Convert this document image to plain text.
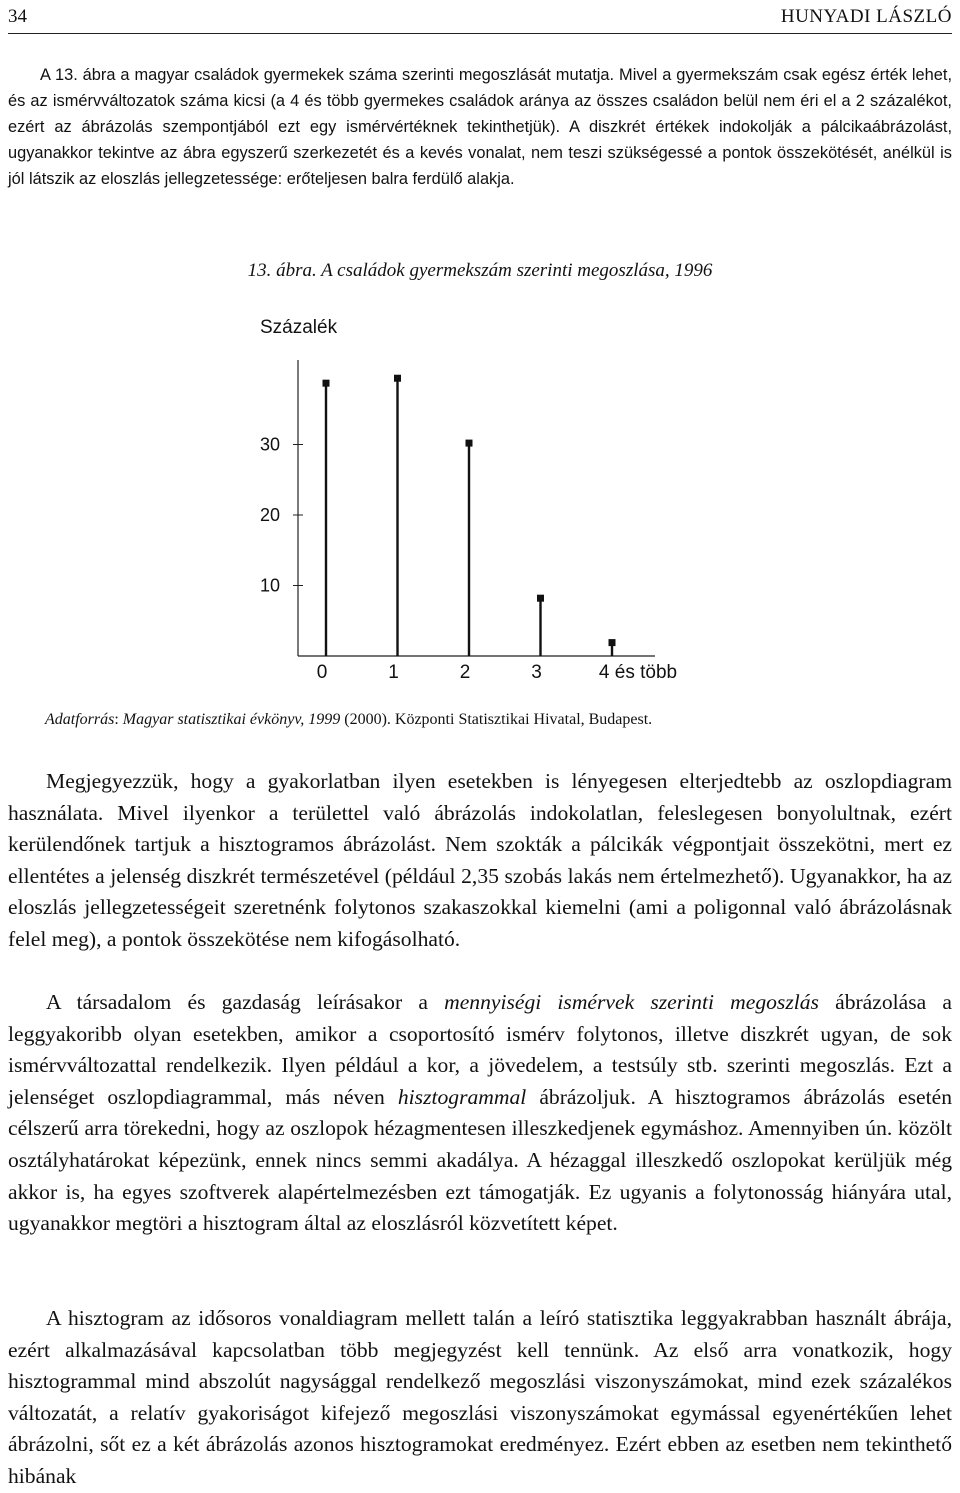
34	HUNYADI LÁSZLÓ

A 13. ábra a magyar családok gyermekek száma szerinti megoszlását mutatja. Mivel a gyermekszám csak egész érték lehet, és az ismérvváltozatok száma kicsi (a 4 és több gyermekes családok aránya az összes családon belül nem éri el a 2 százalékot, ezért az ábrázolás szempontjából ezt egy ismérvértéknek tekinthetjük). A diszkrét értékek indokolják a pálcikaábrázolást, ugyanakkor tekintve az ábra egyszerű szerkezetét és a kevés vonalat, nem teszi szükségessé a pontok összekötését, anélkül is jól látszik az eloszlás jellegzetessége: erőteljesen balra ferdülő alakja.

13. ábra. A családok gyermekszám szerinti megoszlása, 1996
Százalék
10
20
30
0	1	2	3	4 és több
Adatforrás: Magyar statisztikai évkönyv, 1999 (2000). Központi Statisztikai Hivatal, Budapest.

Megjegyezzük, hogy a gyakorlatban ilyen esetekben is lényegesen elterjedtebb az oszlopdiagram használata. Mivel ilyenkor a területtel való ábrázolás indokolatlan, feleslegesen bonyolultnak, ezért kerülendőnek tartjuk a hisztogramos ábrázolást. Nem szokták a pálcikák végpontjait összekötni, mert ez ellentétes a jelenség diszkrét természetével (például 2,35 szobás lakás nem értelmezhető). Ugyanakkor, ha az eloszlás jellegzetességeit szeretnénk folytonos szakaszokkal kiemelni (ami a poligonnal való ábrázolásnak felel meg), a pontok összekötése nem kifogásolható.

A társadalom és gazdaság leírásakor a mennyiségi ismérvek szerinti megoszlás ábrázolása a leggyakoribb olyan esetekben, amikor a csoportosító ismérv folytonos, illetve diszkrét ugyan, de sok ismérvváltozattal rendelkezik. Ilyen például a kor, a jövedelem, a testsúly stb. szerinti megoszlás. Ezt a jelenséget oszlopdiagrammal, más néven hisztogrammal ábrázoljuk. A hisztogramos ábrázolás esetén célszerű arra törekedni, hogy az oszlopok hézagmentesen illeszkedjenek egymáshoz. Amennyiben ún. közölt osztályhatárokat képezünk, ennek nincs semmi akadálya. A hézaggal illeszkedő oszlopokat kerüljük még akkor is, ha egyes szoftverek alapértelmezésben ezt támogatják. Ez ugyanis a folytonosság hiányára utal, ugyanakkor megtöri a hisztogram által az eloszlásról közvetített képet.

A hisztogram az idősoros vonaldiagram mellett talán a leíró statisztika leggyakrabban használt ábrája, ezért alkalmazásával kapcsolatban több megjegyzést kell tennünk. Az első arra vonatkozik, hogy hisztogrammal mind abszolút nagysággal rendelkező megoszlási viszonyszámokat, mind ezek százalékos változatát, a relatív gyakoriságot kifejező megoszlási viszonyszámokat egymással egyenértékűen lehet ábrázolni, sőt ez a két ábrázolás azonos hisztogramokat eredményez. Ezért ebben az esetben nem tekinthető hibának
